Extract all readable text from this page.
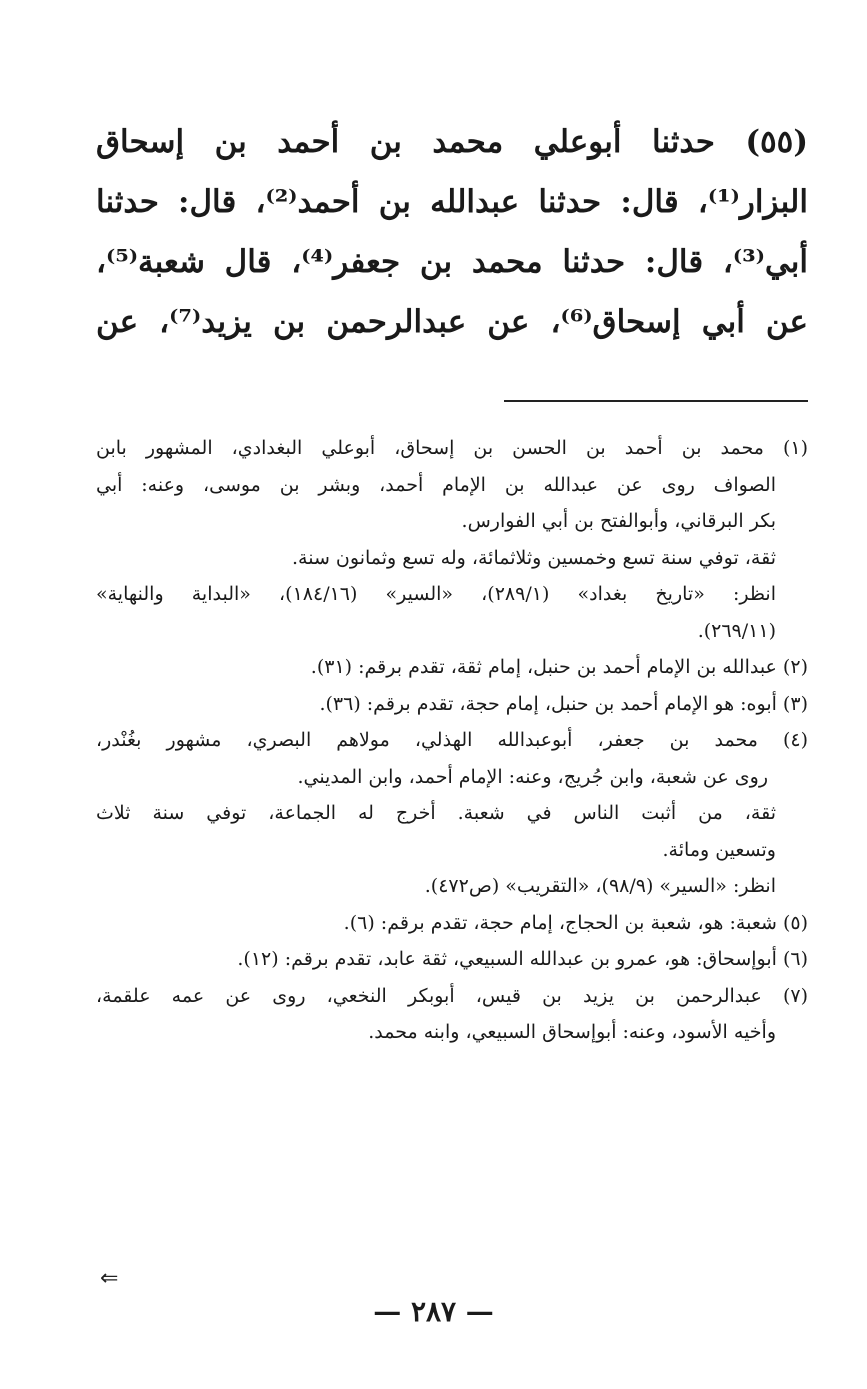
(٥٥) حدثنا أبوعلي محمد بن أحمد بن إسحاق
البزار⁽¹⁾، قال: حدثنا عبدالله بن أحمد⁽²⁾، قال: حدثنا
أبي⁽³⁾، قال: حدثنا محمد بن جعفر⁽⁴⁾، قال شعبة⁽⁵⁾،
عن أبي إسحاق⁽⁶⁾، عن عبدالرحمن بن يزيد⁽⁷⁾، عن
(١) محمد بن أحمد بن الحسن بن إسحاق، أبوعلي البغدادي، المشهور بابن
الصواف روى عن عبدالله بن الإمام أحمد، وبشر بن موسى، وعنه: أبي
بكر البرقاني، وأبوالفتح بن أبي الفوارس.
ثقة، توفي سنة تسع وخمسين وثلاثمائة، وله تسع وثمانون سنة.
انظر: «تاريخ بغداد» (٢٨٩/١)، «السير» (١٨٤/١٦)، «البداية والنهاية»
(٢٦٩/١١).
(٢) عبدالله بن الإمام أحمد بن حنبل، إمام ثقة، تقدم برقم: (٣١).
(٣) أبوه: هو الإمام أحمد بن حنبل، إمام حجة، تقدم برقم: (٣٦).
(٤) محمد بن جعفر، أبوعبدالله الهذلي، مولاهم البصري، مشهور بغُنْدر،
روى عن شعبة، وابن جُريج، وعنه: الإمام أحمد، وابن المديني.
ثقة، من أثبت الناس في شعبة. أخرج له الجماعة، توفي سنة ثلاث
وتسعين ومائة.
انظر: «السير» (٩٨/٩)، «التقريب» (ص٤٧٢).
(٥) شعبة: هو، شعبة بن الحجاج، إمام حجة، تقدم برقم: (٦).
(٦) أبوإسحاق: هو، عمرو بن عبدالله السبيعي، ثقة عابد، تقدم برقم: (١٢).
(٧) عبدالرحمن بن يزيد بن قيس، أبوبكر النخعي، روى عن عمه علقمة،
وأخيه الأسود، وعنه: أبوإسحاق السبيعي، وابنه محمد.
⇐
— ٢٨٧ —
